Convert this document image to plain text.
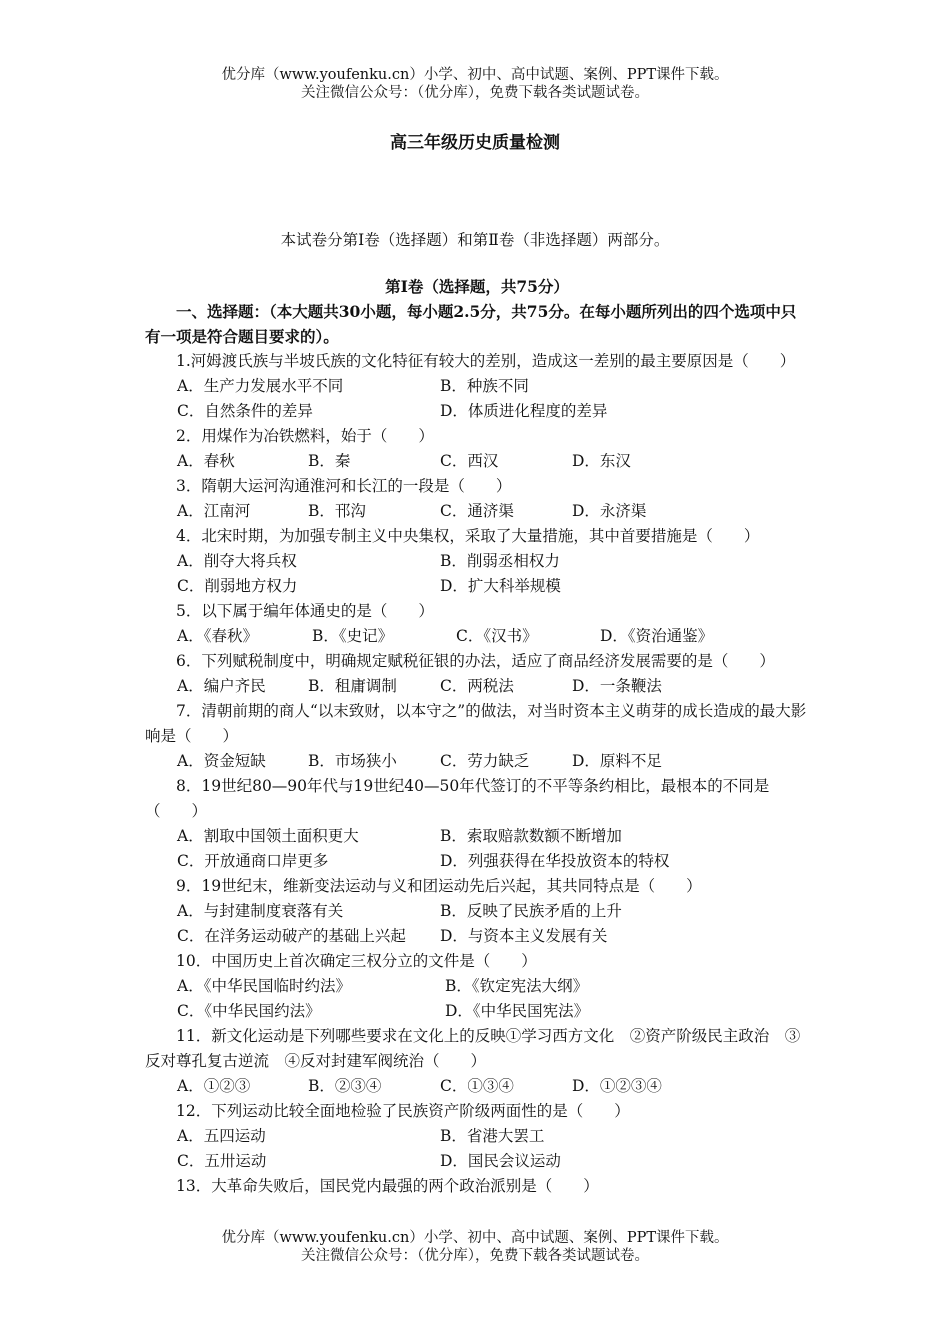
优分库（www.youfenku.cn）小学、初中、高中试题、案例、PPT课件下载。
关注微信公众号：（优分库），免费下载各类试题试卷。
高三年级历史质量检测
本试卷分第Ⅰ卷（选择题）和第Ⅱ卷（非选择题）两部分。
第Ⅰ卷（选择题，共75分）
一、选择题：（本大题共30小题，每小题2.5分，共75分。在每小题所列出的四个选项中只有一项是符合题目要求的）。
1.河姆渡氏族与半坡氏族的文化特征有较大的差别，造成这一差别的最主要原因是（　　）
A．生产力发展水平不同	B．种族不同
C．自然条件的差异	D．体质进化程度的差异
2．用煤作为冶铁燃料，始于（　　）
A．春秋	B．秦	C．西汉	D．东汉
3．隋朝大运河沟通淮河和长江的一段是（　　）
A．江南河	B．邗沟	C．通济渠	D．永济渠
4．北宋时期，为加强专制主义中央集权，采取了大量措施，其中首要措施是（　　）
A．削夺大将兵权	B．削弱丞相权力
C．削弱地方权力	D．扩大科举规模
5．以下属于编年体通史的是（　　）
A．《春秋》	B．《史记》	C．《汉书》	D．《资治通鉴》
6．下列赋税制度中，明确规定赋税征银的办法，适应了商品经济发展需要的是（　　）
A．编户齐民	B．租庸调制	C．两税法	D．一条鞭法
7．清朝前期的商人“以末致财，以本守之”的做法，对当时资本主义萌芽的成长造成的最大影响是（　　）
A．资金短缺	B．市场狭小	C．劳力缺乏	D．原料不足
8．19世纪80—90年代与19世纪40—50年代签订的不平等条约相比，最根本的不同是（　　）
A．割取中国领土面积更大	B．索取赔款数额不断增加
C．开放通商口岸更多	D．列强获得在华投放资本的特权
9．19世纪末，维新变法运动与义和团运动先后兴起，其共同特点是（　　）
A．与封建制度衰落有关	B．反映了民族矛盾的上升
C．在洋务运动破产的基础上兴起 D．与资本主义发展有关
10．中国历史上首次确定三权分立的文件是（　　）
A．《中华民国临时约法》	B．《钦定宪法大纲》
C．《中华民国约法》	D．《中华民国宪法》
11．新文化运动是下列哪些要求在文化上的反映①学习西方文化　②资产阶级民主政治　③反对尊孔复古逆流　④反对封建军阀统治（　　）
A．①②③	B．②③④	C．①③④	D．①②③④
12．下列运动比较全面地检验了民族资产阶级两面性的是（　　）
A．五四运动	B．省港大罢工
C．五卅运动	D．国民会议运动
13．大革命失败后，国民党内最强的两个政治派别是（　　）
优分库（www.youfenku.cn）小学、初中、高中试题、案例、PPT课件下载。
关注微信公众号：（优分库），免费下载各类试题试卷。
